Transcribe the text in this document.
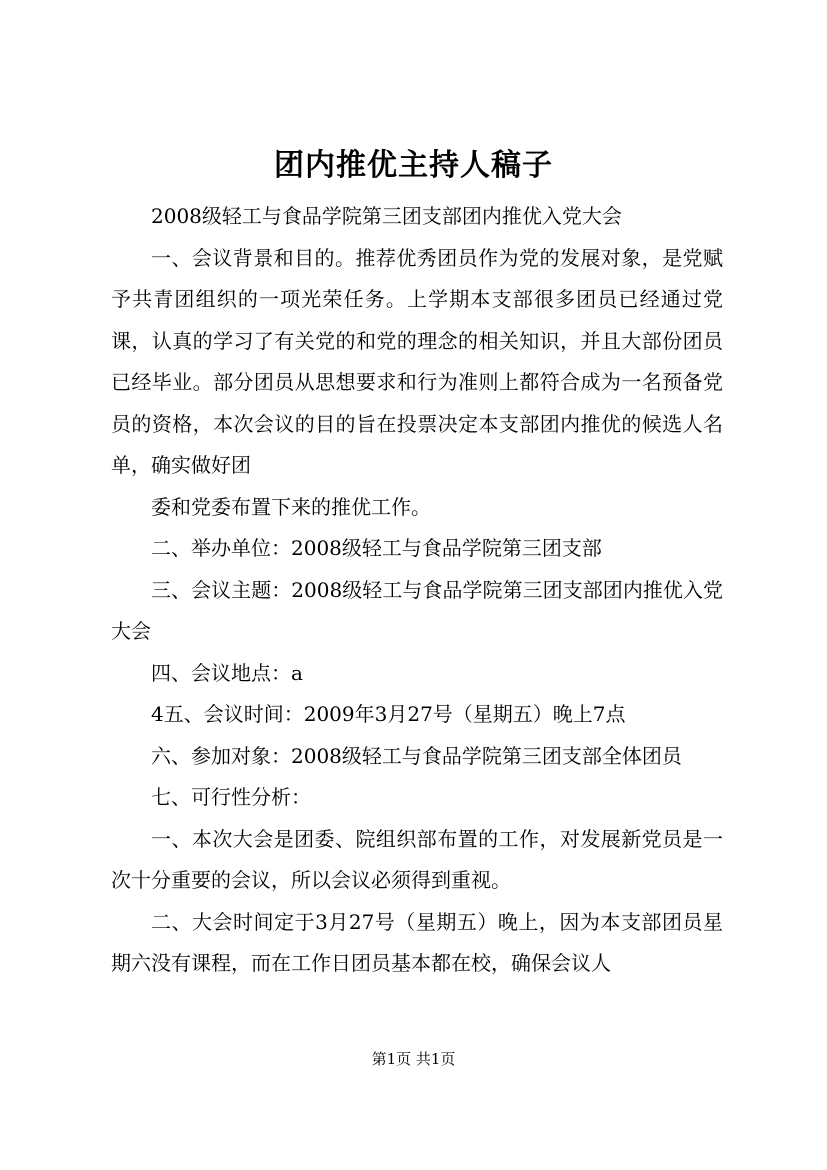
团内推优主持人稿子

2008级轻工与食品学院第三团支部团内推优入党大会

一、会议背景和目的。推荐优秀团员作为党的发展对象，是党赋予共青团组织的一项光荣任务。上学期本支部很多团员已经通过党课，认真的学习了有关党的和党的理念的相关知识，并且大部份团员已经毕业。部分团员从思想要求和行为准则上都符合成为一名预备党员的资格，本次会议的目的旨在投票决定本支部团内推优的候选人名单，确实做好团

委和党委布置下来的推优工作。

二、举办单位：2008级轻工与食品学院第三团支部

三、会议主题：2008级轻工与食品学院第三团支部团内推优入党大会

四、会议地点：a

4五、会议时间：2009年3月27号（星期五）晚上7点

六、参加对象：2008级轻工与食品学院第三团支部全体团员

七、可行性分析：

一、本次大会是团委、院组织部布置的工作，对发展新党员是一次十分重要的会议，所以会议必须得到重视。

二、大会时间定于3月27号（星期五）晚上，因为本支部团员星期六没有课程，而在工作日团员基本都在校，确保会议人

第1页 共1页
